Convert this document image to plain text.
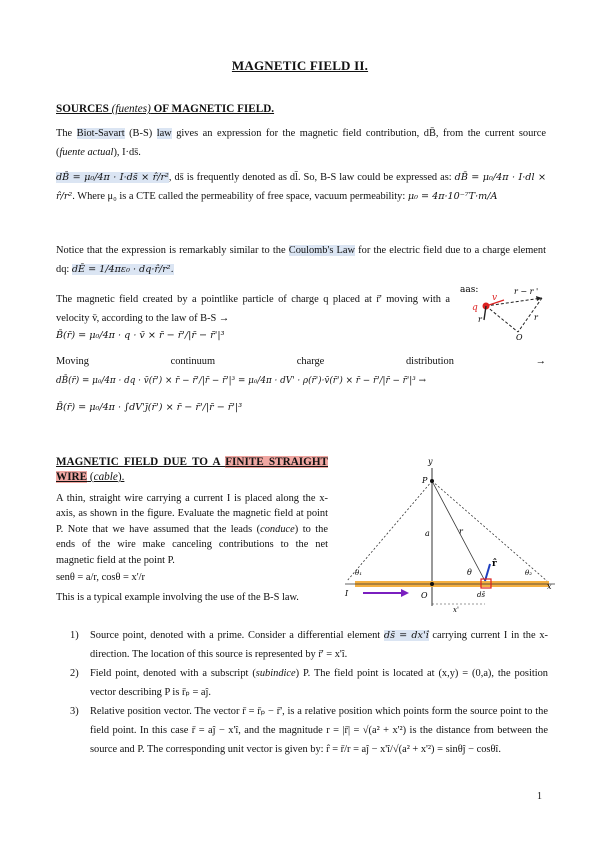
MAGNETIC FIELD II.
SOURCES (fuentes) OF MAGNETIC FIELD.
The Biot-Savart (B-S) law gives an expression for the magnetic field contribution, dB̄, from the current source (fuente actual), I·ds̄.
dB̄ = μ₀/4π · I·ds̄ × r̂/r², ds̄ is frequently denoted as dl̄. So, B-S law could be expressed as: dB̄ = μ₀/4π · I·dl × r̂/r². Where μ₀ is a CTE called the permeability of free space, vacuum permeability: μ₀ = 4π·10⁻⁷T·m/A
Notice that the expression is remarkably similar to the Coulomb's Law for the electric field due to a charge element dq: dĒ = 1/4πε₀ · dq·r̂/r².
The magnetic field created by a pointlike particle of charge q placed at r̄' moving with a velocity v̄, according to the law of B-S →
B̄(r̄) = μ₀/4π · q · v̄ × r̄ − r̄'/|r̄ − r̄'|³
Moving continuum charge distribution →
dB̄(r̄) = μ₀/4π · dq · v̄(r̄') × r̄ − r̄'/|r̄ − r̄'|³ = μ₀/4π · dV' · ρ(r̄')·v̄(r̄') × r̄ − r̄'/|r̄ − r̄'|³ →
B̄(r̄) = μ₀/4π · ∫dV'j̄(r̄') × r̄ − r̄'/|r̄ − r̄'|³
aas:
q
v
r − r '
r	r
O
MAGNETIC FIELD DUE TO A FINITE STRAIGHT WIRE (cable).
A thin, straight wire carrying a current I is placed along the x-axis, as shown in the figure. Evaluate the magnetic field at point P. Note that we have assumed that the leads (conduce) to the ends of the wire make canceling contributions to the net magnetic field at the point P.
senθ = a/r, cosθ = x'/r
This is a typical example involving the use of the B-S law.
y
x
P
a	r
θ
θ₁	θ₂
r̂
I	O	ds̄
x'
1) Source point, denoted with a prime. Consider a differential element ds̄ = dx'î carrying current I in the x-direction. The location of this source is represented by r̄' = x'î.
2) Field point, denoted with a subscript (subindice) P. The field point is located at (x,y) = (0,a), the position vector describing P is r̄ₚ = aĵ.
3) Relative position vector. The vector r̄ = r̄ₚ − r̄', is a relative position which points form the source point to the field point. In this case r̄ = aĵ − x'î, and the magnitude r = |r̄| = √(a² + x'²) is the distance from between the source and P. The corresponding unit vector is given by: r̂ = r̄/r = aĵ − x'î/√(a² + x'²) = sinθĵ − cosθî.
1
